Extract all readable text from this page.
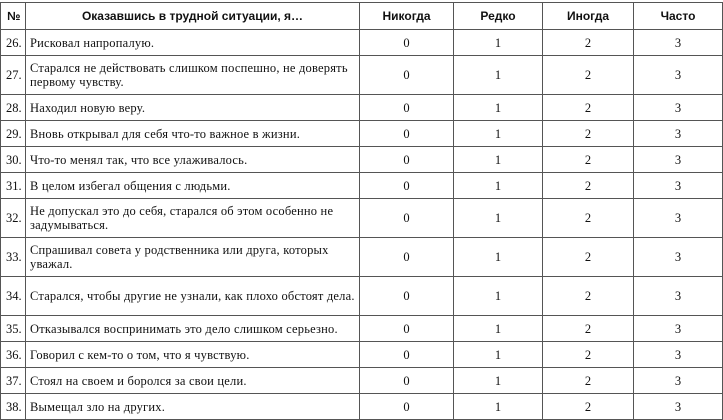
№	Оказавшись в трудной ситуации, я…	Никогда	Редко	Иногда	Часто
26.	Рисковал напропалую.	0	1	2	3
27.	Старался не действовать слишком поспешно, не доверять первому чувству.	0	1	2	3
28.	Находил новую веру.	0	1	2	3
29.	Вновь открывал для себя что-то важное в жизни.	0	1	2	3
30.	Что-то менял так, что все улаживалось.	0	1	2	3
31.	В целом избегал общения с людьми.	0	1	2	3
32.	Не допускал это до себя, старался об этом особенно не задумываться.	0	1	2	3
33.	Спрашивал совета у родственника или друга, которых уважал.	0	1	2	3
34.	Старался, чтобы другие не узнали, как плохо обстоят дела.	0	1	2	3
35.	Отказывался воспринимать это дело слишком серьезно.	0	1	2	3
36.	Говорил с кем-то о том, что я чувствую.	0	1	2	3
37.	Стоял на своем и боролся за свои цели.	0	1	2	3
38.	Вымещал зло на других.	0	1	2	3
